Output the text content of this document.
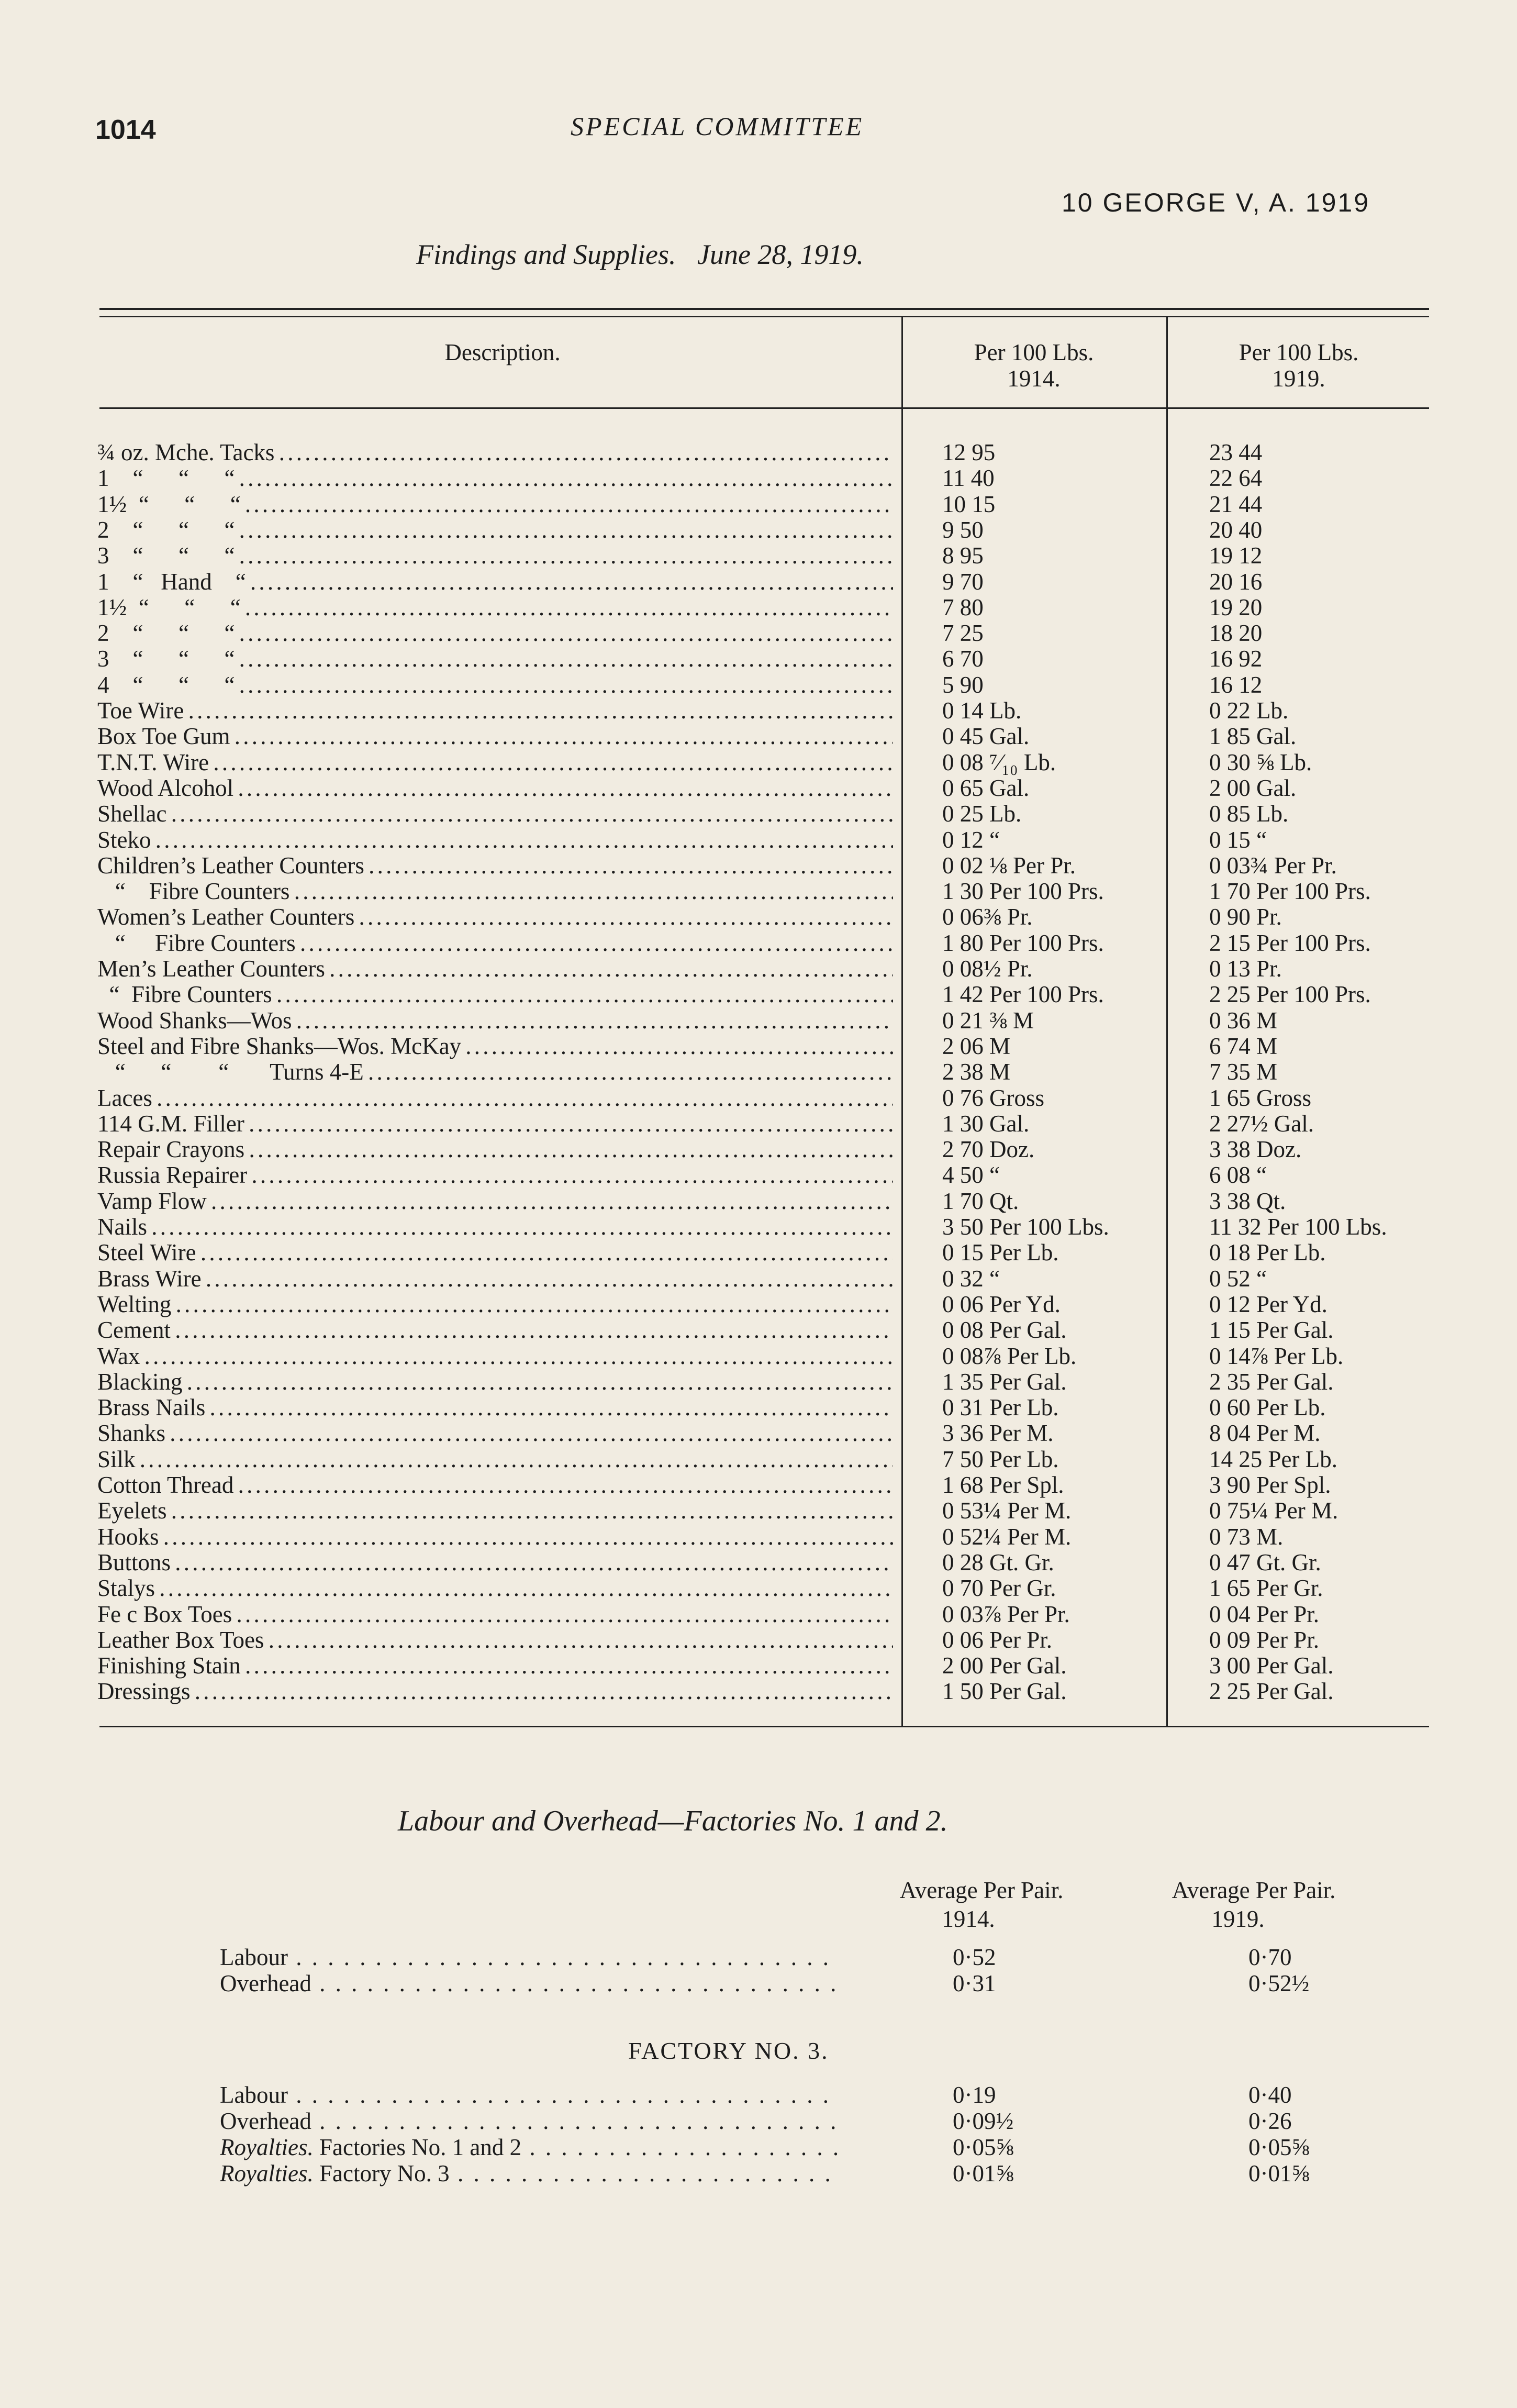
1014	SPECIAL COMMITTEE
10 GEORGE V, A. 1919
Findings and Supplies.   June 28, 1919.
Description.	Per 100 Lbs.
1914.
Per 100 Lbs.
1919.
¾ oz. Mche. Tacks . . .	12 95	23 44
1    “      “      “ . . .	11 40	22 64
1½  “      “      “ . . .	10 15	21 44
2    “      “      “ . . .	9 50	20 40
3    “      “      “ . . .	8 95	19 12
1    “   Hand    “ . . .	9 70	20 16
1½  “      “      “ . . .	7 80	19 20
2    “      “      “ . . .	7 25	18 20
3    “      “      “ . . .	6 70	16 92
4    “      “      “ . . .	5 90	16 12
Toe Wire . . .	0 14 Lb.	0 22 Lb.
Box Toe Gum . . .	0 45 Gal.	1 85 Gal.
T.N.T. Wire . . .	0 08 ⁷⁄₁₀ Lb.	0 30 ⅝ Lb.
Wood Alcohol . . .	0 65 Gal.	2 00 Gal.
Shellac . . .	0 25 Lb.	0 85 Lb.
Steko . . .	0 12 “	0 15 “
Children’s Leather Counters . . .	0 02 ⅛ Per Pr.	0 03¾ Per Pr.
“    Fibre Counters . . .	1 30 Per 100 Prs.	1 70 Per 100 Prs.
Women’s Leather Counters . . .	0 06⅜ Pr.	0 90 Pr.
“     Fibre Counters . . .	1 80 Per 100 Prs.	2 15 Per 100 Prs.
Men’s Leather Counters . . .	0 08½ Pr.	0 13 Pr.
“  Fibre Counters . . .	1 42 Per 100 Prs.	2 25 Per 100 Prs.
Wood Shanks—Wos . . .	0 21 ⅜ M	0 36 M
Steel and Fibre Shanks—Wos. McKay . . .	2 06 M	6 74 M
“      “        “       Turns 4-E . . .	2 38 M	7 35 M
Laces . . .	0 76 Gross	1 65 Gross
114 G.M. Filler . . .	1 30 Gal.	2 27½ Gal.
Repair Crayons . . .	2 70 Doz.	3 38 Doz.
Russia Repairer . . .	4 50 “	6 08 “
Vamp Flow . . .	1 70 Qt.	3 38 Qt.
Nails . . .	3 50 Per 100 Lbs.	11 32 Per 100 Lbs.
Steel Wire . . .	0 15 Per Lb.	0 18 Per Lb.
Brass Wire . . .	0 32 “	0 52 “
Welting . . .	0 06 Per Yd.	0 12 Per Yd.
Cement . . .	0 08 Per Gal.	1 15 Per Gal.
Wax . . .	0 08⅞ Per Lb.	0 14⅞ Per Lb.
Blacking . . .	1 35 Per Gal.	2 35 Per Gal.
Brass Nails . . .	0 31 Per Lb.	0 60 Per Lb.
Shanks . . .	3 36 Per M.	8 04 Per M.
Silk . . .	7 50 Per Lb.	14 25 Per Lb.
Cotton Thread . . .	1 68 Per Spl.	3 90 Per Spl.
Eyelets . . .	0 53¼ Per M.	0 75¼ Per M.
Hooks . . .	0 52¼ Per M.	0 73 M.
Buttons . . .	0 28 Gt. Gr.	0 47 Gt. Gr.
Stalys . . .	0 70 Per Gr.	1 65 Per Gr.
Fe c Box Toes . . .	0 03⅞ Per Pr.	0 04 Per Pr.
Leather Box Toes . . .	0 06 Per Pr.	0 09 Per Pr.
Finishing Stain . . .	2 00 Per Gal.	3 00 Per Gal.
Dressings . . .	1 50 Per Gal.	2 25 Per Gal.
Labour and Overhead—Factories No. 1 and 2.
Average Per Pair.
1914.
Average Per Pair.
1919.
Labour . . .	0·52	0·70
Overhead . . .	0·31	0·52½
FACTORY NO. 3.
Labour . . .	0·19	0·40
Overhead . . .	0·09½	0·26
Royalties. Factories No. 1 and 2 . . .	0·05⅝	0·05⅝
Royalties. Factory No. 3 . . .	0·01⅝	0·01⅝
